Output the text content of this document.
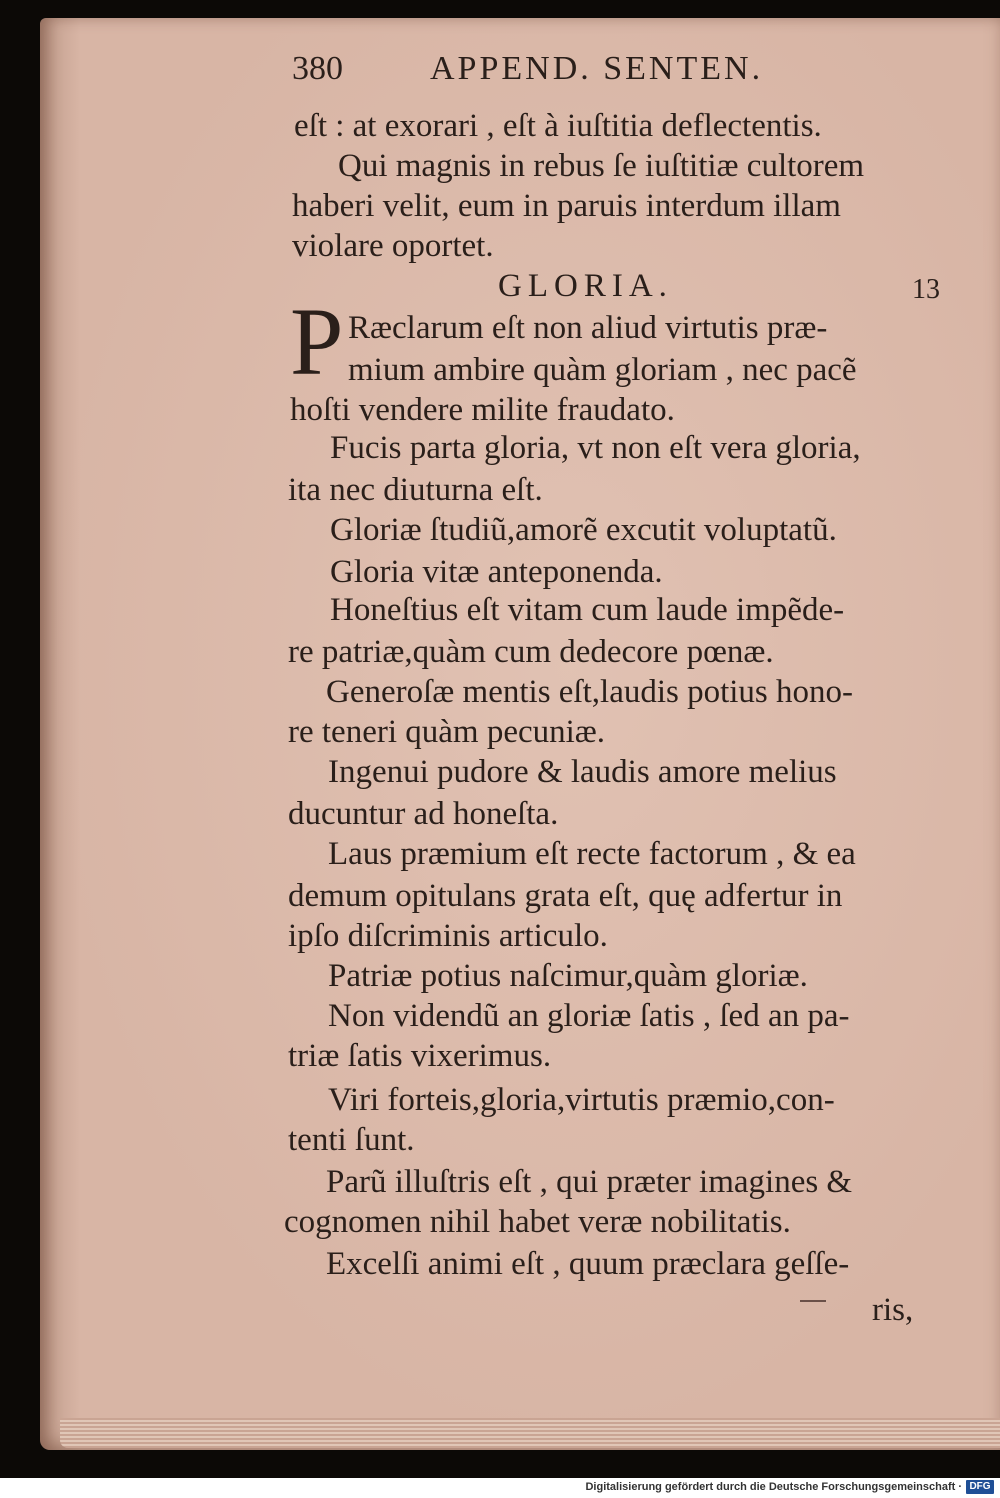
380	APPEND. SENTEN.

eſt : at exorari , eſt à iuſtitia deflectentis.

Qui magnis in rebus ſe iuſtitiæ cultorem

haberi velit, eum in paruis interdum illam

violare oportet.

GLORIA.	13
P Ræclarum eſt non aliud virtutis præ-

mium ambire quàm gloriam , nec pacẽ

hoſti vendere milite fraudato.

Fucis parta gloria, vt non eſt vera gloria,

ita nec diuturna eſt.

Gloriæ ſtudiũ,amorẽ excutit voluptatũ.

Gloria vitæ anteponenda.

Honeſtius eſt vitam cum laude impẽde-

re patriæ,quàm cum dedecore pœnæ.

Generoſæ mentis eſt,laudis potius hono-

re teneri quàm pecuniæ.

Ingenui pudore & laudis amore melius

ducuntur ad honeſta.

Laus præmium eſt recte factorum , & ea

demum opitulans grata eſt, quę adfertur in

ipſo diſcriminis articulo.

Patriæ potius naſcimur,quàm gloriæ.

Non videndũ an gloriæ ſatis , ſed an pa-

triæ ſatis vixerimus.

Viri forteis,gloria,virtutis præmio,con-

tenti ſunt.

Parũ illuſtris eſt , qui præter imagines &

cognomen nihil habet veræ nobilitatis.

Excelſi animi eſt , quum præclara geſſe-

ris,
Digitalisierung gefördert durch die Deutsche Forschungsgemeinschaft · DFG
